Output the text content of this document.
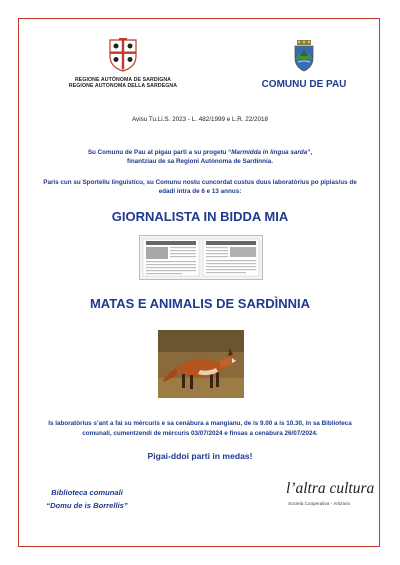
REGIONE AUTÒNOMA DE SARDIGNA
REGIONE AUTONOMA DELLA SARDEGNA	COMUNU DE PAU
Avisu Tu.Li.S. 2023 - L. 482/1999 e L.R. 22/2018
Su Comunu de Pau at pigau parti a su progetu “Marmidda in lingua sarda”,
finantziau de sa Regioni Autònoma de Sardinnia.
Paris cun su Sportellu linguìsticu, su Comunu nostu cuncordat custus duus laboratòrius po pipias/us de edadi intra de 6 e 13 annus:
GIORNALISTA IN BIDDA MIA
MATAS E ANIMALIS DE SARDÌNNIA
Is laboratòrius s’ant a fai su mèrcuris e sa cenàbura a mangianu, de is 9.00 a is 10.30, in sa Biblioteca comunali, cumentzendi de mèrcuris 03/07/2024 e finsas a cenàbura 26/07/2024.
Pigai-ddoi parti in medas!
Biblioteca comunali
“Domu de is Borrellis”
l’altra cultura
Società Cooperativa - Aritzario
